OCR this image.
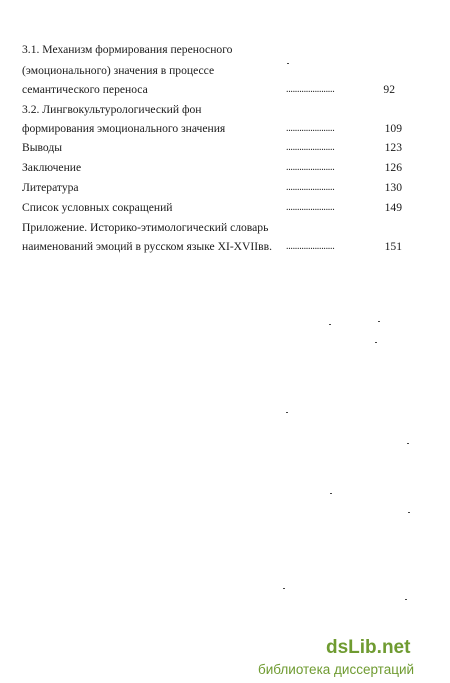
3.1. Механизм формирования переносного
(эмоционального) значения в процессе
семантического переноса	......................	92
3.2. Лингвокультурологический фон
формирования эмоционального значения	......................	109
Выводы	......................	123
Заключение	......................	126
Литература	......................	130
Список условных сокращений	......................	149
Приложение. Историко-этимологический словарь
наименований эмоций в русском языке XI-XVIIвв. ......................	151
dsLib.net
библиотека диссертаций
